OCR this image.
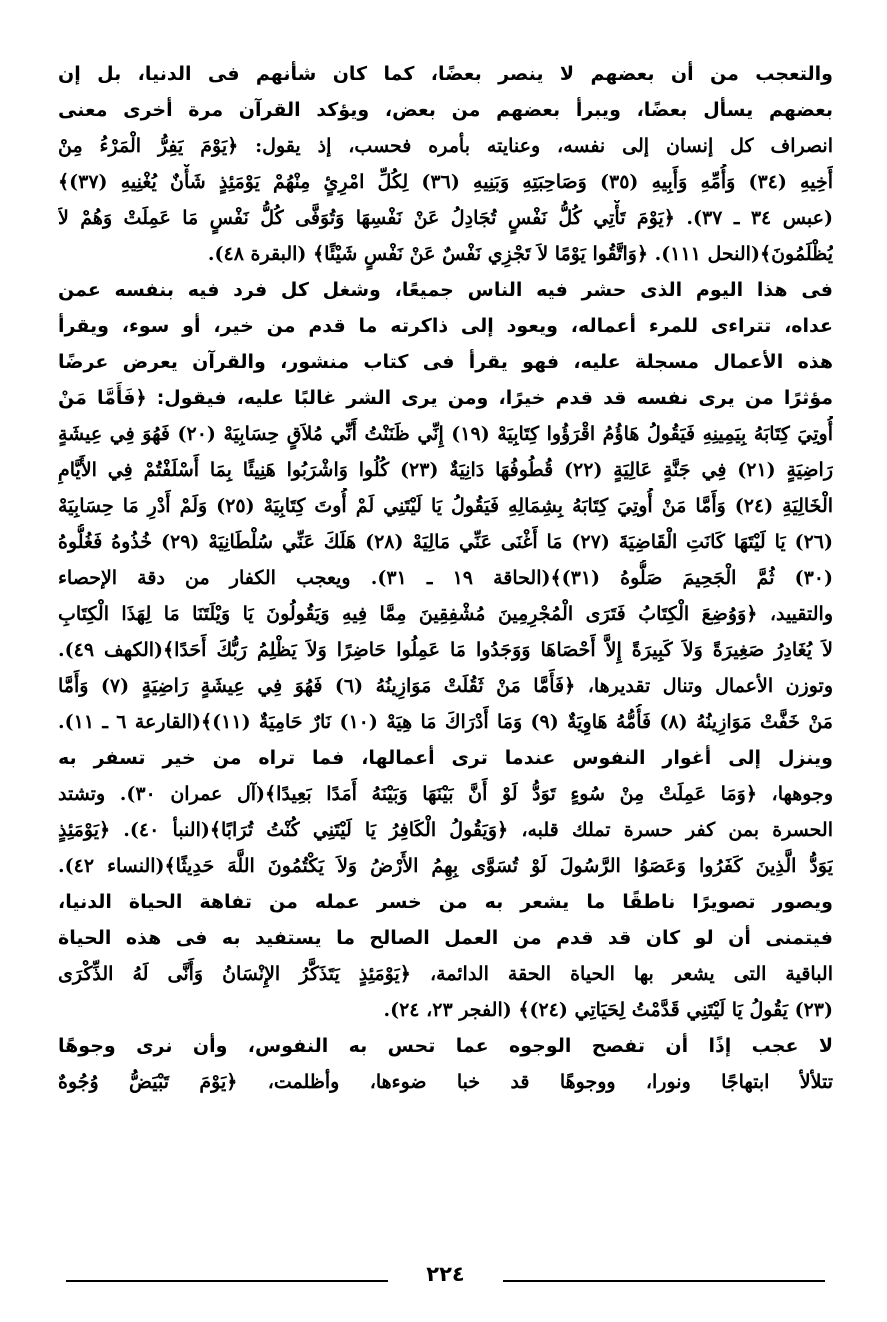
والتعجب من أن بعضهم لا ينصر بعضًا، كما كان شأنهم فى الدنيا، بل إن
بعضهم يسأل بعضًا، ويبرأ بعضهم من بعض، ويؤكد القرآن مرة أخرى معنى
انصراف كل إنسان إلى نفسه، وعنايته بأمره فحسب، إذ يقول: ﴿يَوْمَ يَفِرُّ الْمَرْءُ مِنْ
أَخِيهِ (٣٤) وَأُمِّهِ وَأَبِيهِ (٣٥) وَصَاحِبَتِهِ وَبَنِيهِ (٣٦) لِكُلِّ امْرِئٍ مِنْهُمْ يَوْمَئِذٍ شَأْنٌ يُغْنِيهِ (٣٧)﴾
(عبس ٣٤ ـ ٣٧). ﴿يَوْمَ تَأْتِي كُلُّ نَفْسٍ تُجَادِلُ عَنْ نَفْسِهَا وَتُوَفَّى كُلُّ نَفْسٍ مَا عَمِلَتْ وَهُمْ لاَ
يُظْلَمُونَ﴾(النحل ١١١). ﴿وَاتَّقُوا يَوْمًا لاَ تَجْزِي نَفْسٌ عَنْ نَفْسٍ شَيْئًا﴾ (البقرة ٤٨).
فى هذا اليوم الذى حشر فيه الناس جميعًا، وشغل كل فرد فيه بنفسه عمن
عداه، تتراءى للمرء أعماله، ويعود إلى ذاكرته ما قدم من خير، أو سوء، ويقرأ
هذه الأعمال مسجلة عليه، فهو يقرأ فى كتاب منشور، والقرآن يعرض عرضًا
مؤثرًا من يرى نفسه قد قدم خيرًا، ومن يرى الشر غالبًا عليه، فيقول: ﴿فَأَمَّا مَنْ
أُوتِيَ كِتَابَهُ بِيَمِينِهِ فَيَقُولُ هَاؤُمُ اقْرَؤُوا كِتَابِيَهْ (١٩) إِنِّي ظَنَنْتُ أَنِّي مُلاَقٍ حِسَابِيَهْ (٢٠) فَهُوَ فِي عِيشَةٍ
رَاضِيَةٍ (٢١) فِي جَنَّةٍ عَالِيَةٍ (٢٢) قُطُوفُهَا دَانِيَةٌ (٢٣) كُلُوا وَاشْرَبُوا هَنِيئًا بِمَا أَسْلَفْتُمْ فِي الأَيَّامِ
الْخَالِيَةِ (٢٤) وَأَمَّا مَنْ أُوتِيَ كِتَابَهُ بِشِمَالِهِ فَيَقُولُ يَا لَيْتَنِي لَمْ أُوتَ كِتَابِيَهْ (٢٥) وَلَمْ أَدْرِ مَا حِسَابِيَهْ
(٢٦) يَا لَيْتَهَا كَانَتِ الْقَاضِيَةَ (٢٧) مَا أَغْنَى عَنِّي مَالِيَهْ (٢٨) هَلَكَ عَنِّي سُلْطَانِيَهْ (٢٩) خُذُوهُ فَغُلُّوهُ
(٣٠) ثُمَّ الْجَحِيمَ صَلُّوهُ (٣١)﴾(الحاقة ١٩ ـ ٣١). ويعجب الكفار من دقة الإحصاء
والتقييد، ﴿وَوُضِعَ الْكِتَابُ فَتَرَى الْمُجْرِمِينَ مُشْفِقِينَ مِمَّا فِيهِ وَيَقُولُونَ يَا وَيْلَتَنَا مَا لِهَذَا الْكِتَابِ
لاَ يُغَادِرُ صَغِيرَةً وَلاَ كَبِيرَةً إِلاَّ أَحْصَاهَا وَوَجَدُوا مَا عَمِلُوا حَاضِرًا وَلاَ يَظْلِمُ رَبُّكَ أَحَدًا﴾(الكهف ٤٩).
وتوزن الأعمال وتنال تقديرها، ﴿فَأَمَّا مَنْ ثَقُلَتْ مَوَازِينُهُ (٦) فَهُوَ فِي عِيشَةٍ رَاضِيَةٍ (٧) وَأَمَّا
مَنْ خَفَّتْ مَوَازِينُهُ (٨) فَأُمُّهُ هَاوِيَةٌ (٩) وَمَا أَدْرَاكَ مَا هِيَهْ (١٠) نَارٌ حَامِيَةٌ (١١)﴾(القارعة ٦ ـ ١١).
وينزل إلى أغوار النفوس عندما ترى أعمالها، فما تراه من خير تسفر به
وجوهها، ﴿وَمَا عَمِلَتْ مِنْ سُوءٍ تَوَدُّ لَوْ أَنَّ بَيْنَهَا وَبَيْنَهُ أَمَدًا بَعِيدًا﴾(آل عمران ٣٠). وتشتد
الحسرة بمن كفر حسرة تملك قلبه، ﴿وَيَقُولُ الْكَافِرُ يَا لَيْتَنِي كُنْتُ تُرَابًا﴾(النبأ ٤٠). ﴿يَوْمَئِذٍ
يَوَدُّ الَّذِينَ كَفَرُوا وَعَصَوُا الرَّسُولَ لَوْ تُسَوَّى بِهِمُ الأَرْضُ وَلاَ يَكْتُمُونَ اللَّهَ حَدِيثًا﴾(النساء ٤٢).
ويصور تصويرًا ناطقًا ما يشعر به من خسر عمله من تفاهة الحياة الدنيا،
فيتمنى أن لو كان قد قدم من العمل الصالح ما يستفيد به فى هذه الحياة
الباقية التى يشعر بها الحياة الحقة الدائمة، ﴿يَوْمَئِذٍ يَتَذَكَّرُ الإِنْسَانُ وَأَنَّى لَهُ الذِّكْرَى
(٢٣) يَقُولُ يَا لَيْتَنِي قَدَّمْتُ لِحَيَاتِي (٢٤)﴾ (الفجر ٢٣، ٢٤).
لا عجب إذًا أن تفصح الوجوه عما تحس به النفوس، وأن نرى وجوهًا
تتلألأ ابتهاجًا ونورا، ووجوهًا قد خبا ضوءها، وأظلمت، ﴿يَوْمَ تَبْيَضُّ وُجُوهٌ
٢٢٤
